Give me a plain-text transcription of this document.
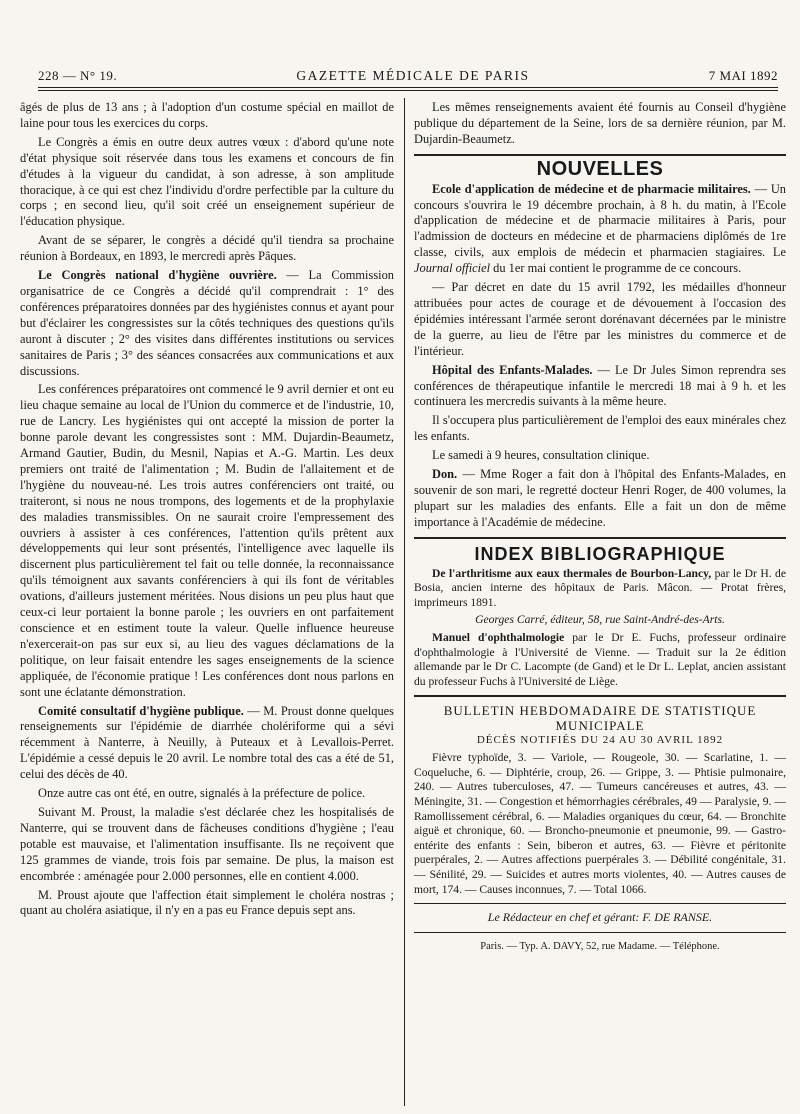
228 — N° 19.	GAZETTE MÉDICALE DE PARIS	7 MAI 1892

âgés de plus de 13 ans ; à l'adoption d'un costume spécial en maillot de laine pour tous les exercices du corps.

Le Congrès a émis en outre deux autres vœux : d'abord qu'une note d'état physique soit réservée dans tous les examens et concours de fin d'études à la vigueur du candidat, à son adresse, à son amplitude thoracique, à ce qui est chez l'individu d'ordre perfectible par la culture du corps ; en second lieu, qu'il soit créé un enseignement supérieur de l'éducation physique.

Avant de se séparer, le congrès a décidé qu'il tiendra sa prochaine réunion à Bordeaux, en 1893, le mercredi après Pâques.

Le Congrès national d'hygiène ouvrière. — La Commission organisatrice de ce Congrès a décidé qu'il comprendrait : 1° des conférences préparatoires données par des hygiénistes connus et ayant pour but d'éclairer les congressistes sur la côtés techniques des questions qu'ils auront à discuter ; 2° des visites dans différentes institutions ou services sanitaires de Paris ; 3° des séances consacrées aux communications et aux discussions.

Les conférences préparatoires ont commencé le 9 avril dernier et ont eu lieu chaque semaine au local de l'Union du commerce et de l'industrie, 10, rue de Lancry. Les hygiénistes qui ont accepté la mission de porter la bonne parole devant les congressistes sont : MM. Dujardin-Beaumetz, Armand Gautier, Budin, du Mesnil, Napias et A.-G. Martin. Les deux premiers ont traité de l'alimentation ; M. Budin de l'allaitement et de l'hygiène du nouveau-né. Les trois autres conférenciers ont traité, ou traiteront, si nous ne nous trompons, des logements et de la prophylaxie des maladies transmissibles. On ne saurait croire l'empressement des ouvriers à assister à ces conférences, l'attention qu'ils prêtent aux développements qui leur sont présentés, l'intelligence avec laquelle ils discernent plus particulièrement tel fait ou telle donnée, la reconnaissance qu'ils témoignent aux savants conférenciers à qui ils font de véritables ovations, d'ailleurs justement méritées. Nous disions un peu plus haut que ceux-ci leur portaient la bonne parole ; les ouvriers en ont parfaitement conscience et en estiment toute la valeur. Quelle influence heureuse n'exercerait-on pas sur eux si, au lieu des vagues déclamations de la politique, on leur faisait entendre les sages enseignements de la science appliquée, de l'économie pratique ! Les conférences dont nous parlons en sont une éclatante démonstration.

Comité consultatif d'hygiène publique. — M. Proust donne quelques renseignements sur l'épidémie de diarrhée cholériforme qui a sévi récemment à Nanterre, à Neuilly, à Puteaux et à Levallois-Perret. L'épidémie a cessé depuis le 20 avril. Le nombre total des cas a été de 51, celui des décès de 40.

Onze autre cas ont été, en outre, signalés à la préfecture de police.

Suivant M. Proust, la maladie s'est déclarée chez les hospitalisés de Nanterre, qui se trouvent dans de fâcheuses conditions d'hygiène ; l'eau potable est mauvaise, et l'alimentation insuffisante. Ils ne reçoivent que 125 grammes de viande, trois fois par semaine. De plus, la maison est encombrée : aménagée pour 2.000 personnes, elle en contient 4.000.

M. Proust ajoute que l'affection était simplement le choléra nostras ; quant au choléra asiatique, il n'y en a pas eu France depuis sept ans.

Les mêmes renseignements avaient été fournis au Conseil d'hygiène publique du département de la Seine, lors de sa dernière réunion, par M. Dujardin-Beaumetz.

NOUVELLES

Ecole d'application de médecine et de pharmacie militaires. — Un concours s'ouvrira le 19 décembre prochain, à 8 h. du matin, à l'Ecole d'application de médecine et de pharmacie militaires à Paris, pour l'admission de docteurs en médecine et de pharmaciens diplômés de 1re classe, civils, aux emplois de médecin et pharmacien stagiaires. Le Journal officiel du 1er mai contient le programme de ce concours.

— Par décret en date du 15 avril 1792, les médailles d'honneur attribuées pour actes de courage et de dévouement à l'occasion des épidémies intéressant l'armée seront dorénavant décernées par le ministre de la guerre, au lieu de l'être par les ministres du commerce et de l'intérieur.

Hôpital des Enfants-Malades. — Le Dr Jules Simon reprendra ses conférences de thérapeutique infantile le mercredi 18 mai à 9 h. et les continuera les mercredis suivants à la même heure.

Il s'occupera plus particulièrement de l'emploi des eaux minérales chez les enfants.

Le samedi à 9 heures, consultation clinique.

Don. — Mme Roger a fait don à l'hôpital des Enfants-Malades, en souvenir de son mari, le regretté docteur Henri Roger, de 400 volumes, la plupart sur les maladies des enfants. Elle a fait un don de même importance à l'Académie de médecine.

INDEX BIBLIOGRAPHIQUE

De l'arthritisme aux eaux thermales de Bourbon-Lancy, par le Dr H. de Bosia, ancien interne des hôpitaux de Paris. Mâcon. — Protat frères, imprimeurs 1891.

Georges Carré, éditeur, 58, rue Saint-André-des-Arts.

Manuel d'ophthalmologie par le Dr E. Fuchs, professeur ordinaire d'ophthalmologie à l'Université de Vienne. — Traduit sur la 2e édition allemande par le Dr C. Lacompte (de Gand) et le Dr L. Leplat, ancien assistant du professeur Fuchs à l'Université de Liège.

BULLETIN HEBDOMADAIRE DE STATISTIQUE MUNICIPALE

DÉCÈS NOTIFIÉS DU 24 AU 30 AVRIL 1892

Fièvre typhoïde, 3. — Variole, — Rougeole, 30. — Scarlatine, 1. — Coqueluche, 6. — Diphtérie, croup, 26. — Grippe, 3. — Phtisie pulmonaire, 240. — Autres tuberculoses, 47. — Tumeurs cancéreuses et autres, 43. — Méningite, 31. — Congestion et hémorrhagies cérébrales, 49 — Paralysie, 9. — Ramollissement cérébral, 6. — Maladies organiques du cœur, 64. — Bronchite aiguë et chronique, 60. — Broncho-pneumonie et pneumonie, 99. — Gastro-entérite des enfants : Sein, biberon et autres, 63. — Fièvre et péritonite puerpérales, 2. — Autres affections puerpérales 3. — Débilité congénitale, 31. — Sénilité, 29. — Suicides et autres morts violentes, 40. — Autres causes de mort, 174. — Causes inconnues, 7. — Total 1066.

Le Rédacteur en chef et gérant: F. DE RANSE.

Paris. — Typ. A. DAVY, 52, rue Madame. — Téléphone.
